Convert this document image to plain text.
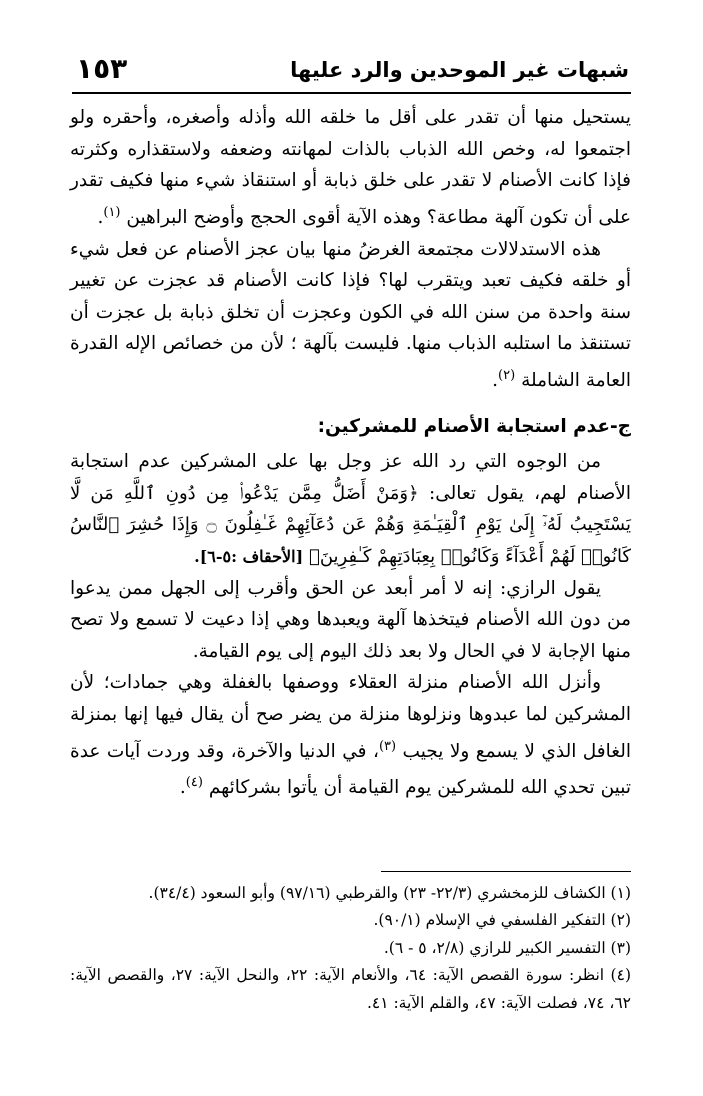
شبهات غير الموحدين والرد عليها
١٥٣

يستحيل منها أن تقدر على أقل ما خلقه الله وأذله وأصغره، وأحقره ولو اجتمعوا له، وخص الله الذباب بالذات لمهانته وضعفه ولاستقذاره وكثرته فإذا كانت الأصنام لا تقدر على خلق ذبابة أو استنقاذ شيء منها فكيف تقدر على أن تكون آلهة مطاعة؟ وهذه الآية أقوى الحجج وأوضح البراهين $^{(١)}$.

هذه الاستدلالات مجتمعة الغرضُ منها بيان عجز الأصنام عن فعل شيء أو خلقه فكيف تعبد ويتقرب لها؟ فإذا كانت الأصنام قد عجزت عن تغيير سنة واحدة من سنن الله في الكون وعجزت أن تخلق ذبابة بل عجزت أن تستنقذ ما استلبه الذباب منها. فليست بآلهة ؛ لأن من خصائص الإله القدرة العامة الشاملة $^{(٢)}$.

ج-عدم استجابة الأصنام للمشركين:

من الوجوه التي رد الله عز وجل بها على المشركين عدم استجابة الأصنام لهم، يقول تعالى: ﴿وَمَنْ أَضَلُّ مِمَّن يَدْعُوا۟ مِن دُونِ ٱللَّهِ مَن لَّا يَسْتَجِيبُ لَهُۥٓ إِلَىٰ يَوْمِ ٱلْقِيَـٰمَةِ وَهُمْ عَن دُعَآئِهِمْ غَـٰفِلُونَ ۝ وَإِذَا حُشِرَ ٱلنَّاسُ كَانُوا۟ لَهُمْ أَعْدَآءً وَكَانُوا۟ بِعِبَادَتِهِمْ كَـٰفِرِينَ﴾ [الأحقاف :٥-٦].

يقول الرازي: إنه لا أمر أبعد عن الحق وأقرب إلى الجهل ممن يدعوا من دون الله الأصنام فيتخذها آلهة ويعبدها وهي إذا دعيت لا تسمع ولا تصح منها الإجابة لا في الحال ولا بعد ذلك اليوم إلى يوم القيامة.

وأنزل الله الأصنام منزلة العقلاء ووصفها بالغفلة وهي جمادات؛ لأن المشركين لما عبدوها ونزلوها منزلة من يضر صح أن يقال فيها إنها بمنزلة الغافل الذي لا يسمع ولا يجيب $^{(٣)}$، في الدنيا والآخرة، وقد وردت آيات عدة تبين تحدي الله للمشركين يوم القيامة أن يأتوا بشركائهم $^{(٤)}$.

(١) الكشاف للزمخشري (٢٢/٣- ٢٣) والقرطبي (٩٧/١٦) وأبو السعود (٣٤/٤).

(٢) التفكير الفلسفي في الإسلام (٩٠/١).

(٣) التفسير الكبير للرازي (٢/٨، ٥ - ٦).

(٤) انظر: سورة القصص الآية: ٦٤، والأنعام الآية: ٢٢، والنحل الآية: ٢٧، والقصص الآية: ٦٢، ٧٤، فصلت الآية: ٤٧، والقلم الآية: ٤١.
